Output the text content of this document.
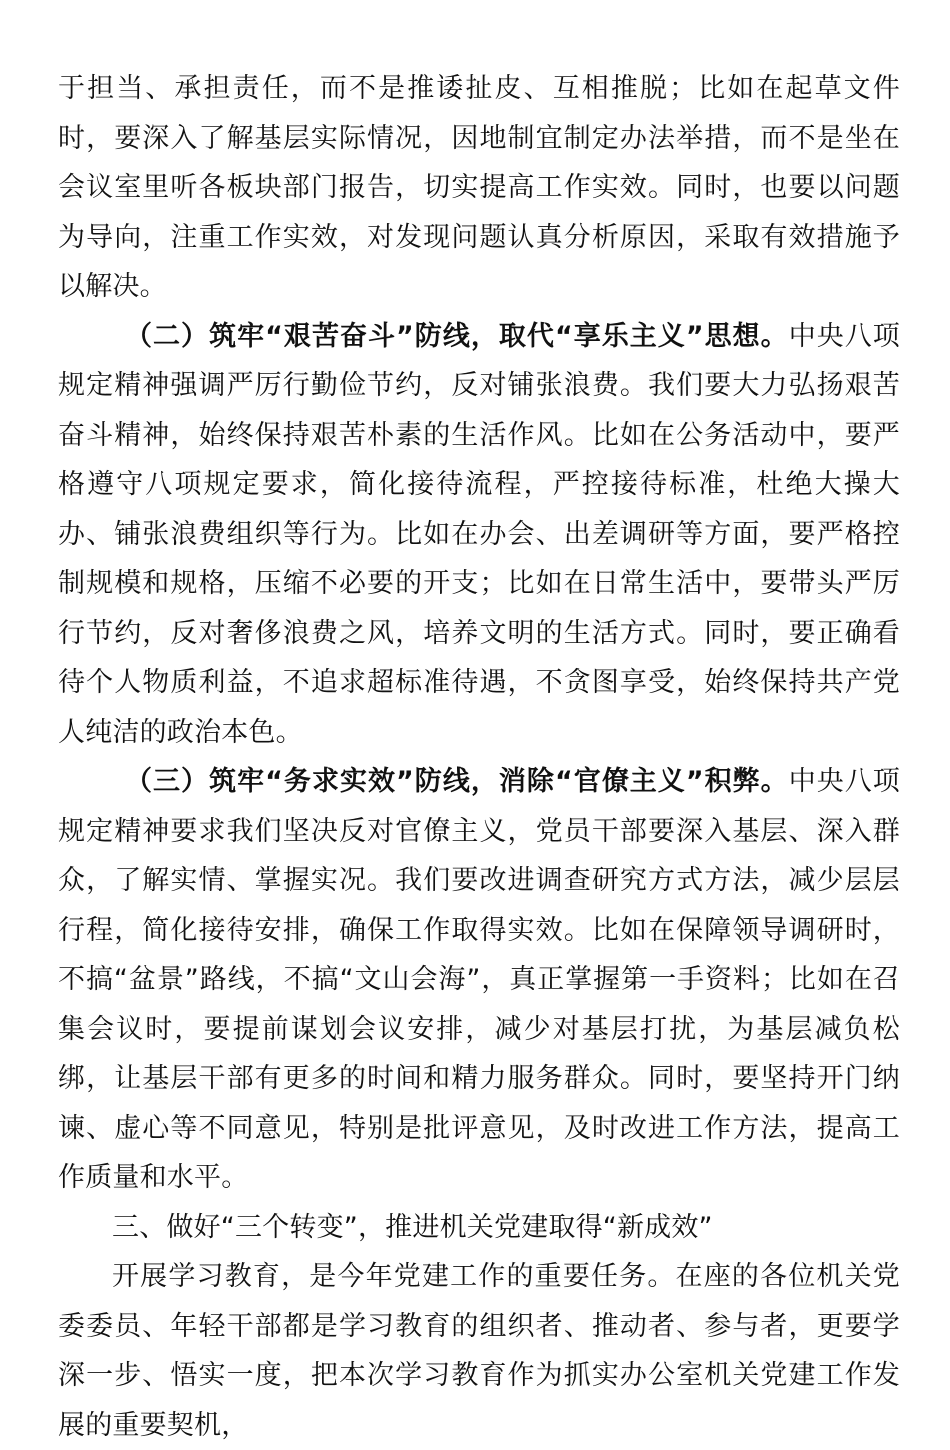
于担当、承担责任，而不是推诿扯皮、互相推脱；比如在起草文件时，要深入了解基层实际情况，因地制宜制定办法举措，而不是坐在会议室里听各板块部门报告，切实提高工作实效。同时，也要以问题为导向，注重工作实效，对发现问题认真分析原因，采取有效措施予以解决。

（二）筑牢“艰苦奋斗”防线，取代“享乐主义”思想。中央八项规定精神强调严厉行勤俭节约，反对铺张浪费。我们要大力弘扬艰苦奋斗精神，始终保持艰苦朴素的生活作风。比如在公务活动中，要严格遵守八项规定要求，简化接待流程，严控接待标准，杜绝大操大办、铺张浪费组织等行为。比如在办会、出差调研等方面，要严格控制规模和规格，压缩不必要的开支；比如在日常生活中，要带头严厉行节约，反对奢侈浪费之风，培养文明的生活方式。同时，要正确看待个人物质利益，不追求超标准待遇，不贪图享受，始终保持共产党人纯洁的政治本色。

（三）筑牢“务求实效”防线，消除“官僚主义”积弊。中央八项规定精神要求我们坚决反对官僚主义，党员干部要深入基层、深入群众，了解实情、掌握实况。我们要改进调查研究方式方法，减少层层行程，简化接待安排，确保工作取得实效。比如在保障领导调研时，不搞“盆景”路线，不搞“文山会海”，真正掌握第一手资料；比如在召集会议时，要提前谋划会议安排，减少对基层打扰，为基层减负松绑，让基层干部有更多的时间和精力服务群众。同时，要坚持开门纳谏、虚心等不同意见，特别是批评意见，及时改进工作方法，提高工作质量和水平。

三、做好“三个转变”，推进机关党建取得“新成效”

开展学习教育，是今年党建工作的重要任务。在座的各位机关党委委员、年轻干部都是学习教育的组织者、推动者、参与者，更要学深一步、悟实一度，把本次学习教育作为抓实办公室机关党建工作发展的重要契机，
